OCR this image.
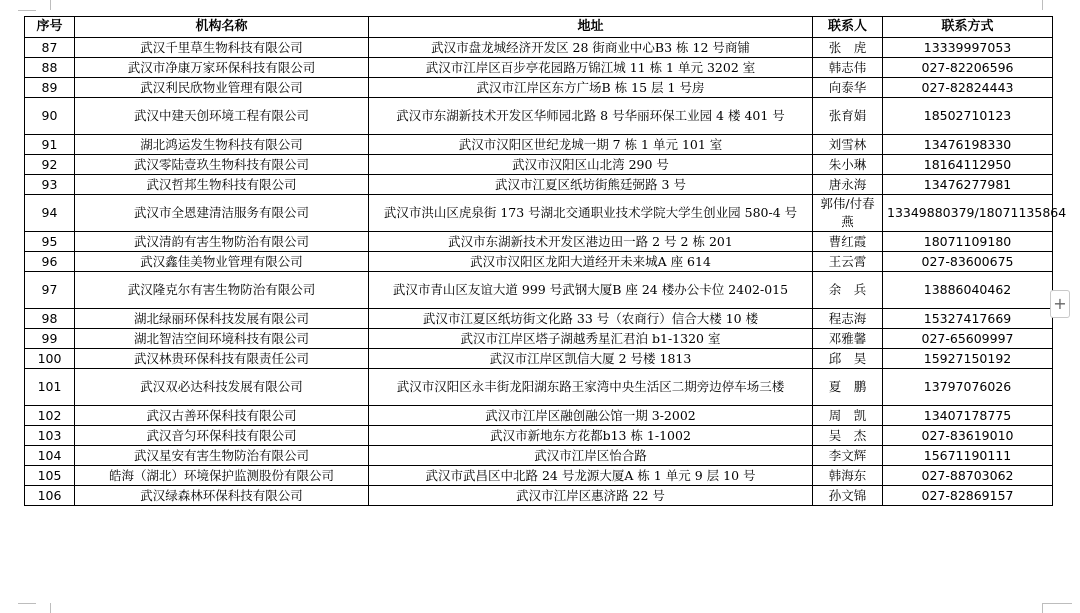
序号	机构名称	地址	联系人	联系方式
87	武汉千里草生物科技有限公司	武汉市盘龙城经济开发区 28 街商业中心B3 栋 12 号商铺	张　虎	13339997053
88	武汉市净康万家环保科技有限公司	武汉市江岸区百步亭花园路万锦江城 11 栋 1 单元 3202 室	韩志伟	027-82206596
89	武汉利民欣物业管理有限公司	武汉市江岸区东方广场B 栋 15 层 1 号房	向泰华	027-82824443
90	武汉中建天创环境工程有限公司	武汉市东湖新技术开发区华师园北路 8 号华丽环保工业园 4 楼 401 号	张育娟	18502710123
91	湖北鸿运发生物科技有限公司	武汉市汉阳区世纪龙城一期 7 栋 1 单元 101 室	刘雪林	13476198330
92	武汉零陆壹玖生物科技有限公司	武汉市汉阳区山北湾 290 号	朱小琳	18164112950
93	武汉哲邦生物科技有限公司	武汉市江夏区纸坊街熊廷弼路 3 号	唐永海	13476277981
94	武汉市全恩建清洁服务有限公司	武汉市洪山区虎泉街 173 号湖北交通职业技术学院大学生创业园 580-4 号	郭伟/付春燕	13349880379/18071135864
95	武汉清韵有害生物防治有限公司	武汉市东湖新技术开发区港边田一路 2 号 2 栋 201	曹红霞	18071109180
96	武汉鑫佳美物业管理有限公司	武汉市汉阳区龙阳大道经开未来城A 座 614	王云霄	027-83600675
97	武汉隆克尔有害生物防治有限公司	武汉市青山区友谊大道 999 号武钢大厦B 座 24 楼办公卡位 2402-015	余　兵	13886040462
98	湖北绿丽环保科技发展有限公司	武汉市江夏区纸坊街文化路 33 号（农商行）信合大楼 10 楼	程志海	15327417669
99	湖北智洁空间环境科技有限公司	武汉市江岸区塔子湖越秀星汇君泊 b1-1320 室	邓雅馨	027-65609997
100	武汉林贵环保科技有限责任公司	武汉市江岸区凯信大厦 2 号楼 1813	邱　昊	15927150192
101	武汉双必达科技发展有限公司	武汉市汉阳区永丰街龙阳湖东路王家湾中央生活区二期旁边停车场三楼	夏　鹏	13797076026
102	武汉古善环保科技有限公司	武汉市江岸区融创融公馆一期 3-2002	周　凯	13407178775
103	武汉音匀环保科技有限公司	武汉市新地东方花都b13 栋 1-1002	吴　杰	027-83619010
104	武汉星安有害生物防治有限公司	武汉市江岸区怡合路	李文辉	15671190111
105	皓海（湖北）环境保护监测股份有限公司	武汉市武昌区中北路 24 号龙源大厦A 栋 1 单元 9 层 10 号	韩海东	027-88703062
106	武汉绿森林环保科技有限公司	武汉市江岸区惠济路 22 号	孙文锦	027-82869157
+
